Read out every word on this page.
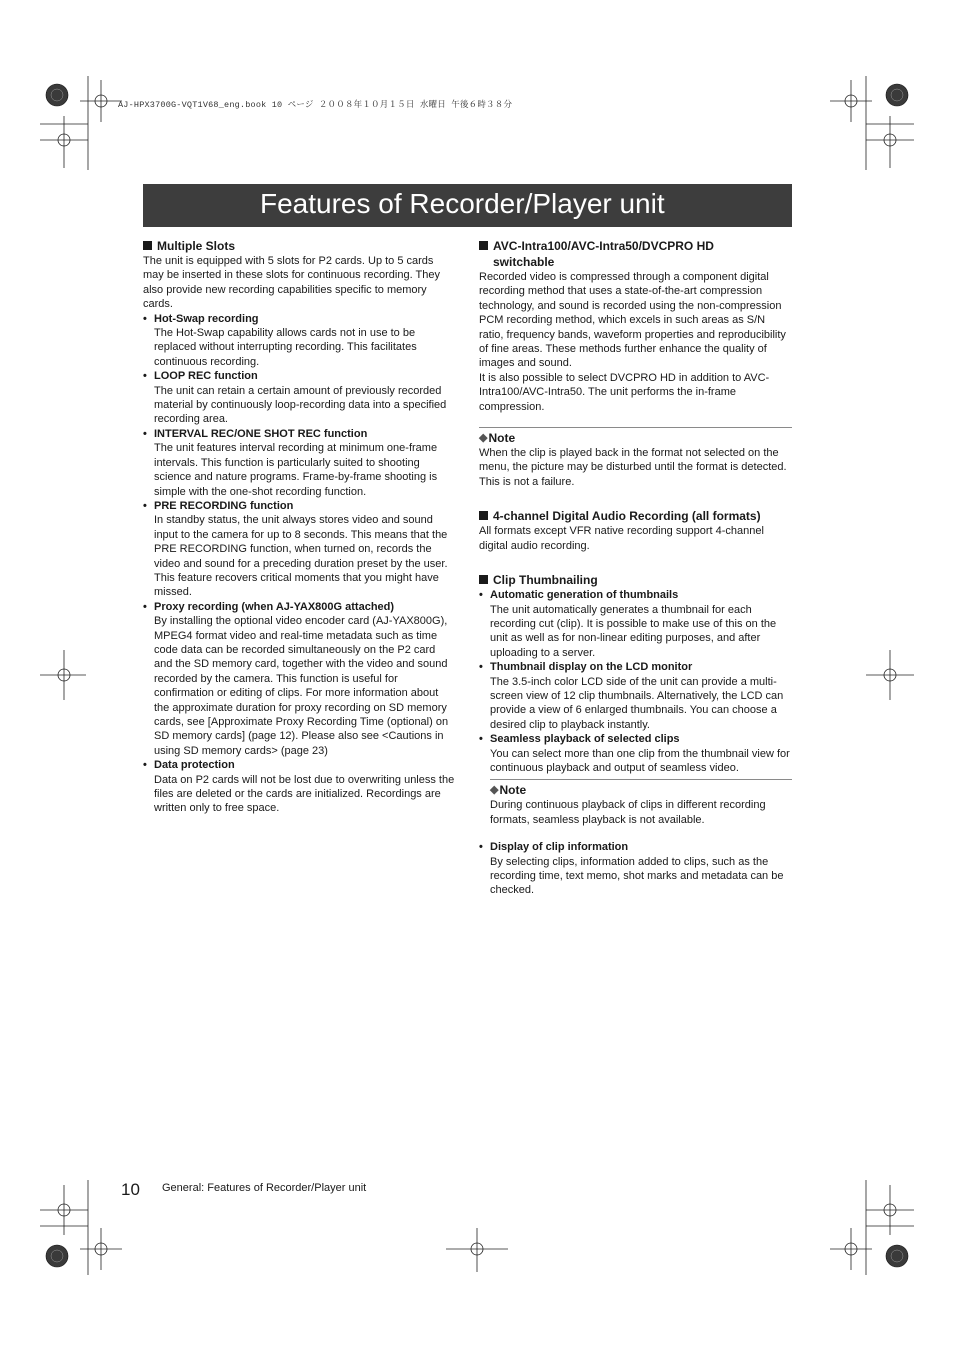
AJ-HPX3700G-VQT1V68_eng.book 10 ページ ２００８年１０月１５日 水曜日 午後６時３８分
Features of Recorder/Player unit
Multiple Slots

The unit is equipped with 5 slots for P2 cards. Up to 5 cards may be inserted in these slots for continuous recording. They also provide new recording capabilities specific to memory cards.

• Hot-Swap recording
The Hot-Swap capability allows cards not in use to be replaced without interrupting recording. This facilitates continuous recording.
• LOOP REC function
The unit can retain a certain amount of previously recorded material by continuously loop-recording data into a specified recording area.
• INTERVAL REC/ONE SHOT REC function
The unit features interval recording at minimum one-frame intervals. This function is particularly suited to shooting science and nature programs. Frame-by-frame shooting is simple with the one-shot recording function.
• PRE RECORDING function
In standby status, the unit always stores video and sound input to the camera for up to 8 seconds. This means that the PRE RECORDING function, when turned on, records the video and sound for a preceding duration preset by the user. This feature recovers critical moments that you might have missed.
• Proxy recording (when AJ-YAX800G attached)
By installing the optional video encoder card (AJ-YAX800G), MPEG4 format video and real-time metadata such as time code data can be recorded simultaneously on the P2 card and the SD memory card, together with the video and sound recorded by the camera. This function is useful for confirmation or editing of clips. For more information about the approximate duration for proxy recording on SD memory cards, see [Approximate Proxy Recording Time (optional) on SD memory cards] (page 12). Please also see <Cautions in using SD memory cards> (page 23)
• Data protection
Data on P2 cards will not be lost due to overwriting unless the files are deleted or the cards are initialized. Recordings are written only to free space.
AVC-Intra100/AVC-Intra50/DVCPRO HD
switchable

Recorded video is compressed through a component digital recording method that uses a state-of-the-art compression technology, and sound is recorded using the non-compression PCM recording method, which excels in such areas as S/N ratio, frequency bands, waveform properties and reproducibility of fine areas. These methods further enhance the quality of images and sound.

It is also possible to select DVCPRO HD in addition to AVC-Intra100/AVC-Intra50. The unit performs the in-frame compression.

◆ Note

When the clip is played back in the format not selected on the menu, the picture may be disturbed until the format is detected. This is not a failure.

4-channel Digital Audio Recording (all formats)

All formats except VFR native recording support 4-channel digital audio recording.

Clip Thumbnailing
• Automatic generation of thumbnails
The unit automatically generates a thumbnail for each recording cut (clip). It is possible to make use of this on the unit as well as for non-linear editing purposes, and after uploading to a server.
• Thumbnail display on the LCD monitor
The 3.5-inch color LCD side of the unit can provide a multi-screen view of 12 clip thumbnails. Alternatively, the LCD can provide a view of 6 enlarged thumbnails. You can choose a desired clip to playback instantly.
• Seamless playback of selected clips
You can select more than one clip from the thumbnail view for continuous playback and output of seamless video.
◆ Note

During continuous playback of clips in different recording formats, seamless playback is not available.

• Display of clip information
By selecting clips, information added to clips, such as the recording time, text memo, shot marks and metadata can be checked.
10 General: Features of Recorder/Player unit
